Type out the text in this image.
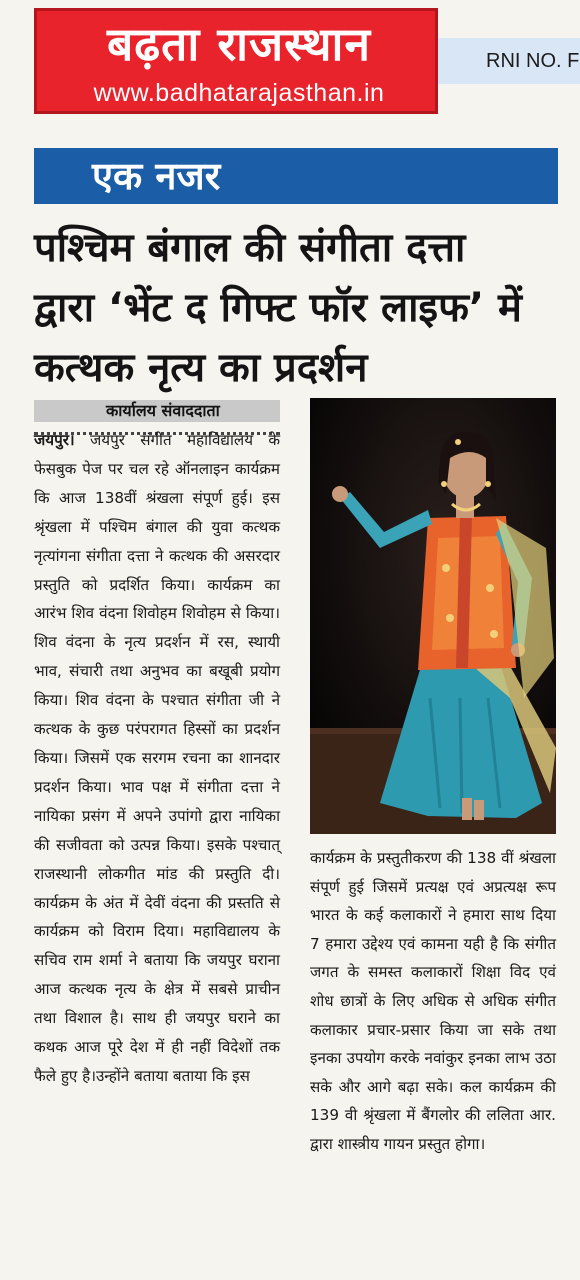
बढ़ता राजस्थान
www.badhatarajasthan.in
RNI NO. F
एक नजर
पश्चिम बंगाल की संगीता दत्ता
द्वारा ‘भेंट द गिफ्ट फॉर लाइफ’ में
कत्थक नृत्य का प्रदर्शन
कार्यालय संवाददाता
जयपुर। जयपुर संगीत महाविद्यालय के फेसबुक पेज पर चल रहे ऑनलाइन कार्यक्रम कि आज 138वीं श्रंखला संपूर्ण हुई। इस श्रृंखला में पश्चिम बंगाल की युवा कत्थक नृत्यांगना संगीता दत्ता ने कत्थक की असरदार प्रस्तुति को प्रदर्शित किया। कार्यक्रम का आरंभ शिव वंदना शिवोहम शिवोहम से किया। शिव वंदना के नृत्य प्रदर्शन में रस, स्थायी भाव, संचारी तथा अनुभव का बखूबी प्रयोग किया। शिव वंदना के पश्चात संगीता जी ने कत्थक के कुछ परंपरागत हिस्सों का प्रदर्शन किया। जिसमें एक सरगम रचना का शानदार प्रदर्शन किया। भाव पक्ष में संगीता दत्ता ने नायिका प्रसंग में अपने उपांगो द्वारा नायिका की सजीवता को उत्पन्न किया। इसके पश्चात् राजस्थानी लोकगीत मांड की प्रस्तुति दी। कार्यक्रम के अंत में देवीं वंदना की प्रस्तति से कार्यक्रम को विराम दिया। महाविद्यालय के सचिव राम शर्मा ने बताया कि जयपुर घराना आज कत्थक नृत्य के क्षेत्र में सबसे प्राचीन तथा विशाल है। साथ ही जयपुर घराने का कथक आज पूरे देश में ही नहीं विदेशों तक फैले हुए है।उन्होंने बताया बताया कि इस
कार्यक्रम के प्रस्तुतीकरण की 138 वीं श्रंखला संपूर्ण हुई जिसमें प्रत्यक्ष एवं अप्रत्यक्ष रूप भारत के कई कलाकारों ने हमारा साथ दिया 7 हमारा उद्देश्य एवं कामना यही है कि संगीत जगत के समस्त कलाकारों शिक्षा विद एवं शोध छात्रों के लिए अधिक से अधिक संगीत कलाकार प्रचार-प्रसार किया जा सके तथा इनका उपयोग करके नवांकुर इनका लाभ उठा सके और आगे बढ़ा सके। कल कार्यक्रम की 139 वी श्रृंखला में बैंगलोर की ललिता आर. द्वारा शास्त्रीय गायन प्रस्तुत होगा।
